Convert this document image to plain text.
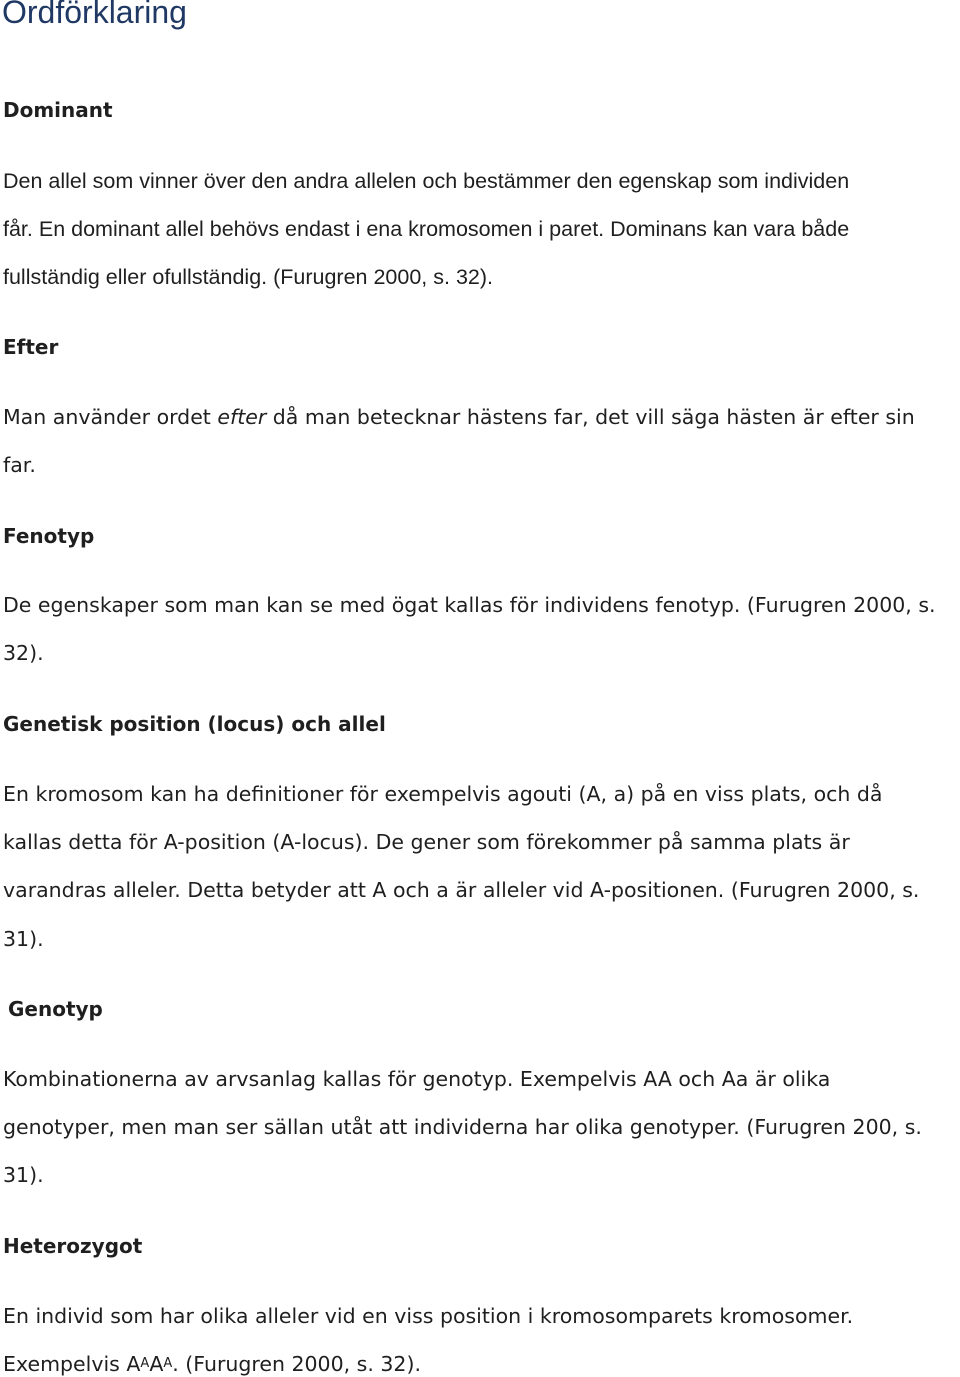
Ordförklaring
Dominant
Den allel som vinner över den andra allelen och bestämmer den egenskap som individen
får. En dominant allel behövs endast i ena kromosomen i paret. Dominans kan vara både
fullständig eller ofullständig. (Furugren 2000, s. 32).
Efter
Man använder ordet efter då man betecknar hästens far, det vill säga hästen är efter sin
far.
Fenotyp
De egenskaper som man kan se med ögat kallas för individens fenotyp. (Furugren 2000, s.
32).
Genetisk position (locus) och allel
En kromosom kan ha definitioner för exempelvis agouti (A, a) på en viss plats, och då
kallas detta för A-position (A-locus). De gener som förekommer på samma plats är
varandras alleler. Detta betyder att A och a är alleler vid A-positionen. (Furugren 2000, s.
31).
Genotyp
Kombinationerna av arvsanlag kallas för genotyp. Exempelvis AA och Aa är olika
genotyper, men man ser sällan utåt att individerna har olika genotyper. (Furugren 200, s.
31).
Heterozygot
En individ som har olika alleler vid en viss position i kromosomparets kromosomer.
Exempelvis $A^AA^A$. (Furugren 2000, s. 32).
